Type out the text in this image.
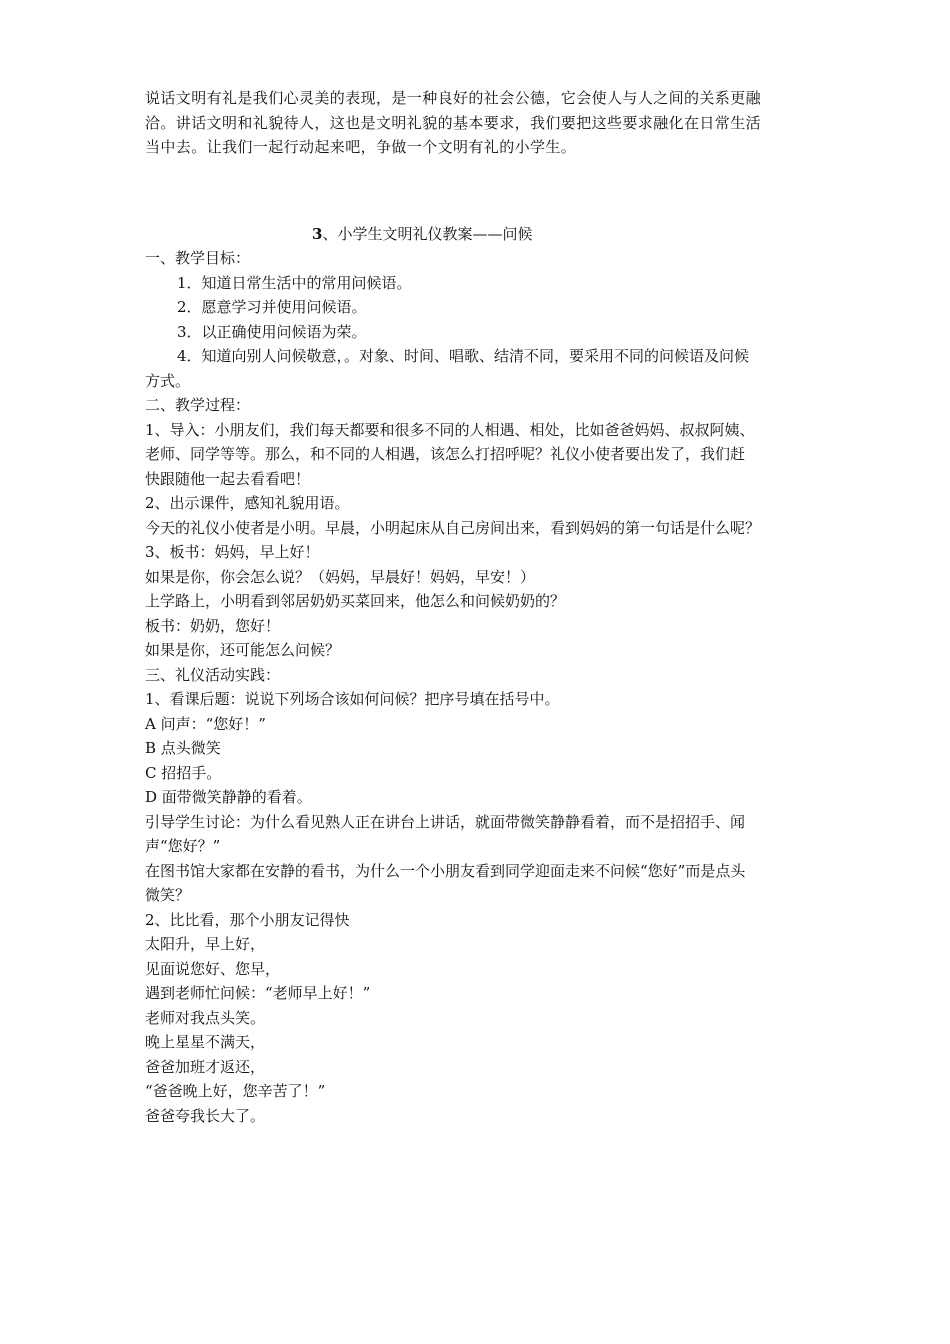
说话文明有礼是我们心灵美的表现，是一种良好的社会公德，它会使人与人之间的关系更融

洽。讲话文明和礼貌待人，这也是文明礼貌的基本要求，我们要把这些要求融化在日常生活

当中去。让我们一起行动起来吧，争做一个文明有礼的小学生。

3、小学生文明礼仪教案——问候

一、教学目标：

1．知道日常生活中的常用问候语。

2．愿意学习并使用问候语。

3．以正确使用问候语为荣。

4．知道向别人问候敬意，。对象、时间、唱歌、结清不同，要采用不同的问候语及问候

方式。

二、教学过程：

1、导入：小朋友们，我们每天都要和很多不同的人相遇、相处，比如爸爸妈妈、叔叔阿姨、

老师、同学等等。那么，和不同的人相遇，该怎么打招呼呢？礼仪小使者要出发了，我们赶

快跟随他一起去看看吧！

2、出示课件，感知礼貌用语。

今天的礼仪小使者是小明。早晨，小明起床从自己房间出来，看到妈妈的第一句话是什么呢？

3、板书：妈妈，早上好！

如果是你，你会怎么说？（妈妈，早晨好！妈妈，早安！）

上学路上，小明看到邻居奶奶买菜回来，他怎么和问候奶奶的？

板书：奶奶，您好！

如果是你，还可能怎么问候？

三、礼仪活动实践：

1、看课后题：说说下列场合该如何问候？把序号填在括号中。

A 问声：“您好！”

B 点头微笑

C 招招手。

D 面带微笑静静的看着。

引导学生讨论：为什么看见熟人正在讲台上讲话，就面带微笑静静看着，而不是招招手、闻

声“您好？”

在图书馆大家都在安静的看书，为什么一个小朋友看到同学迎面走来不问候“您好”而是点头

微笑？

2、比比看，那个小朋友记得快

太阳升，早上好，

见面说您好、您早，

遇到老师忙问候：“老师早上好！”

老师对我点头笑。

晚上星星不满天，

爸爸加班才返还，

“爸爸晚上好，您辛苦了！”

爸爸夸我长大了。
